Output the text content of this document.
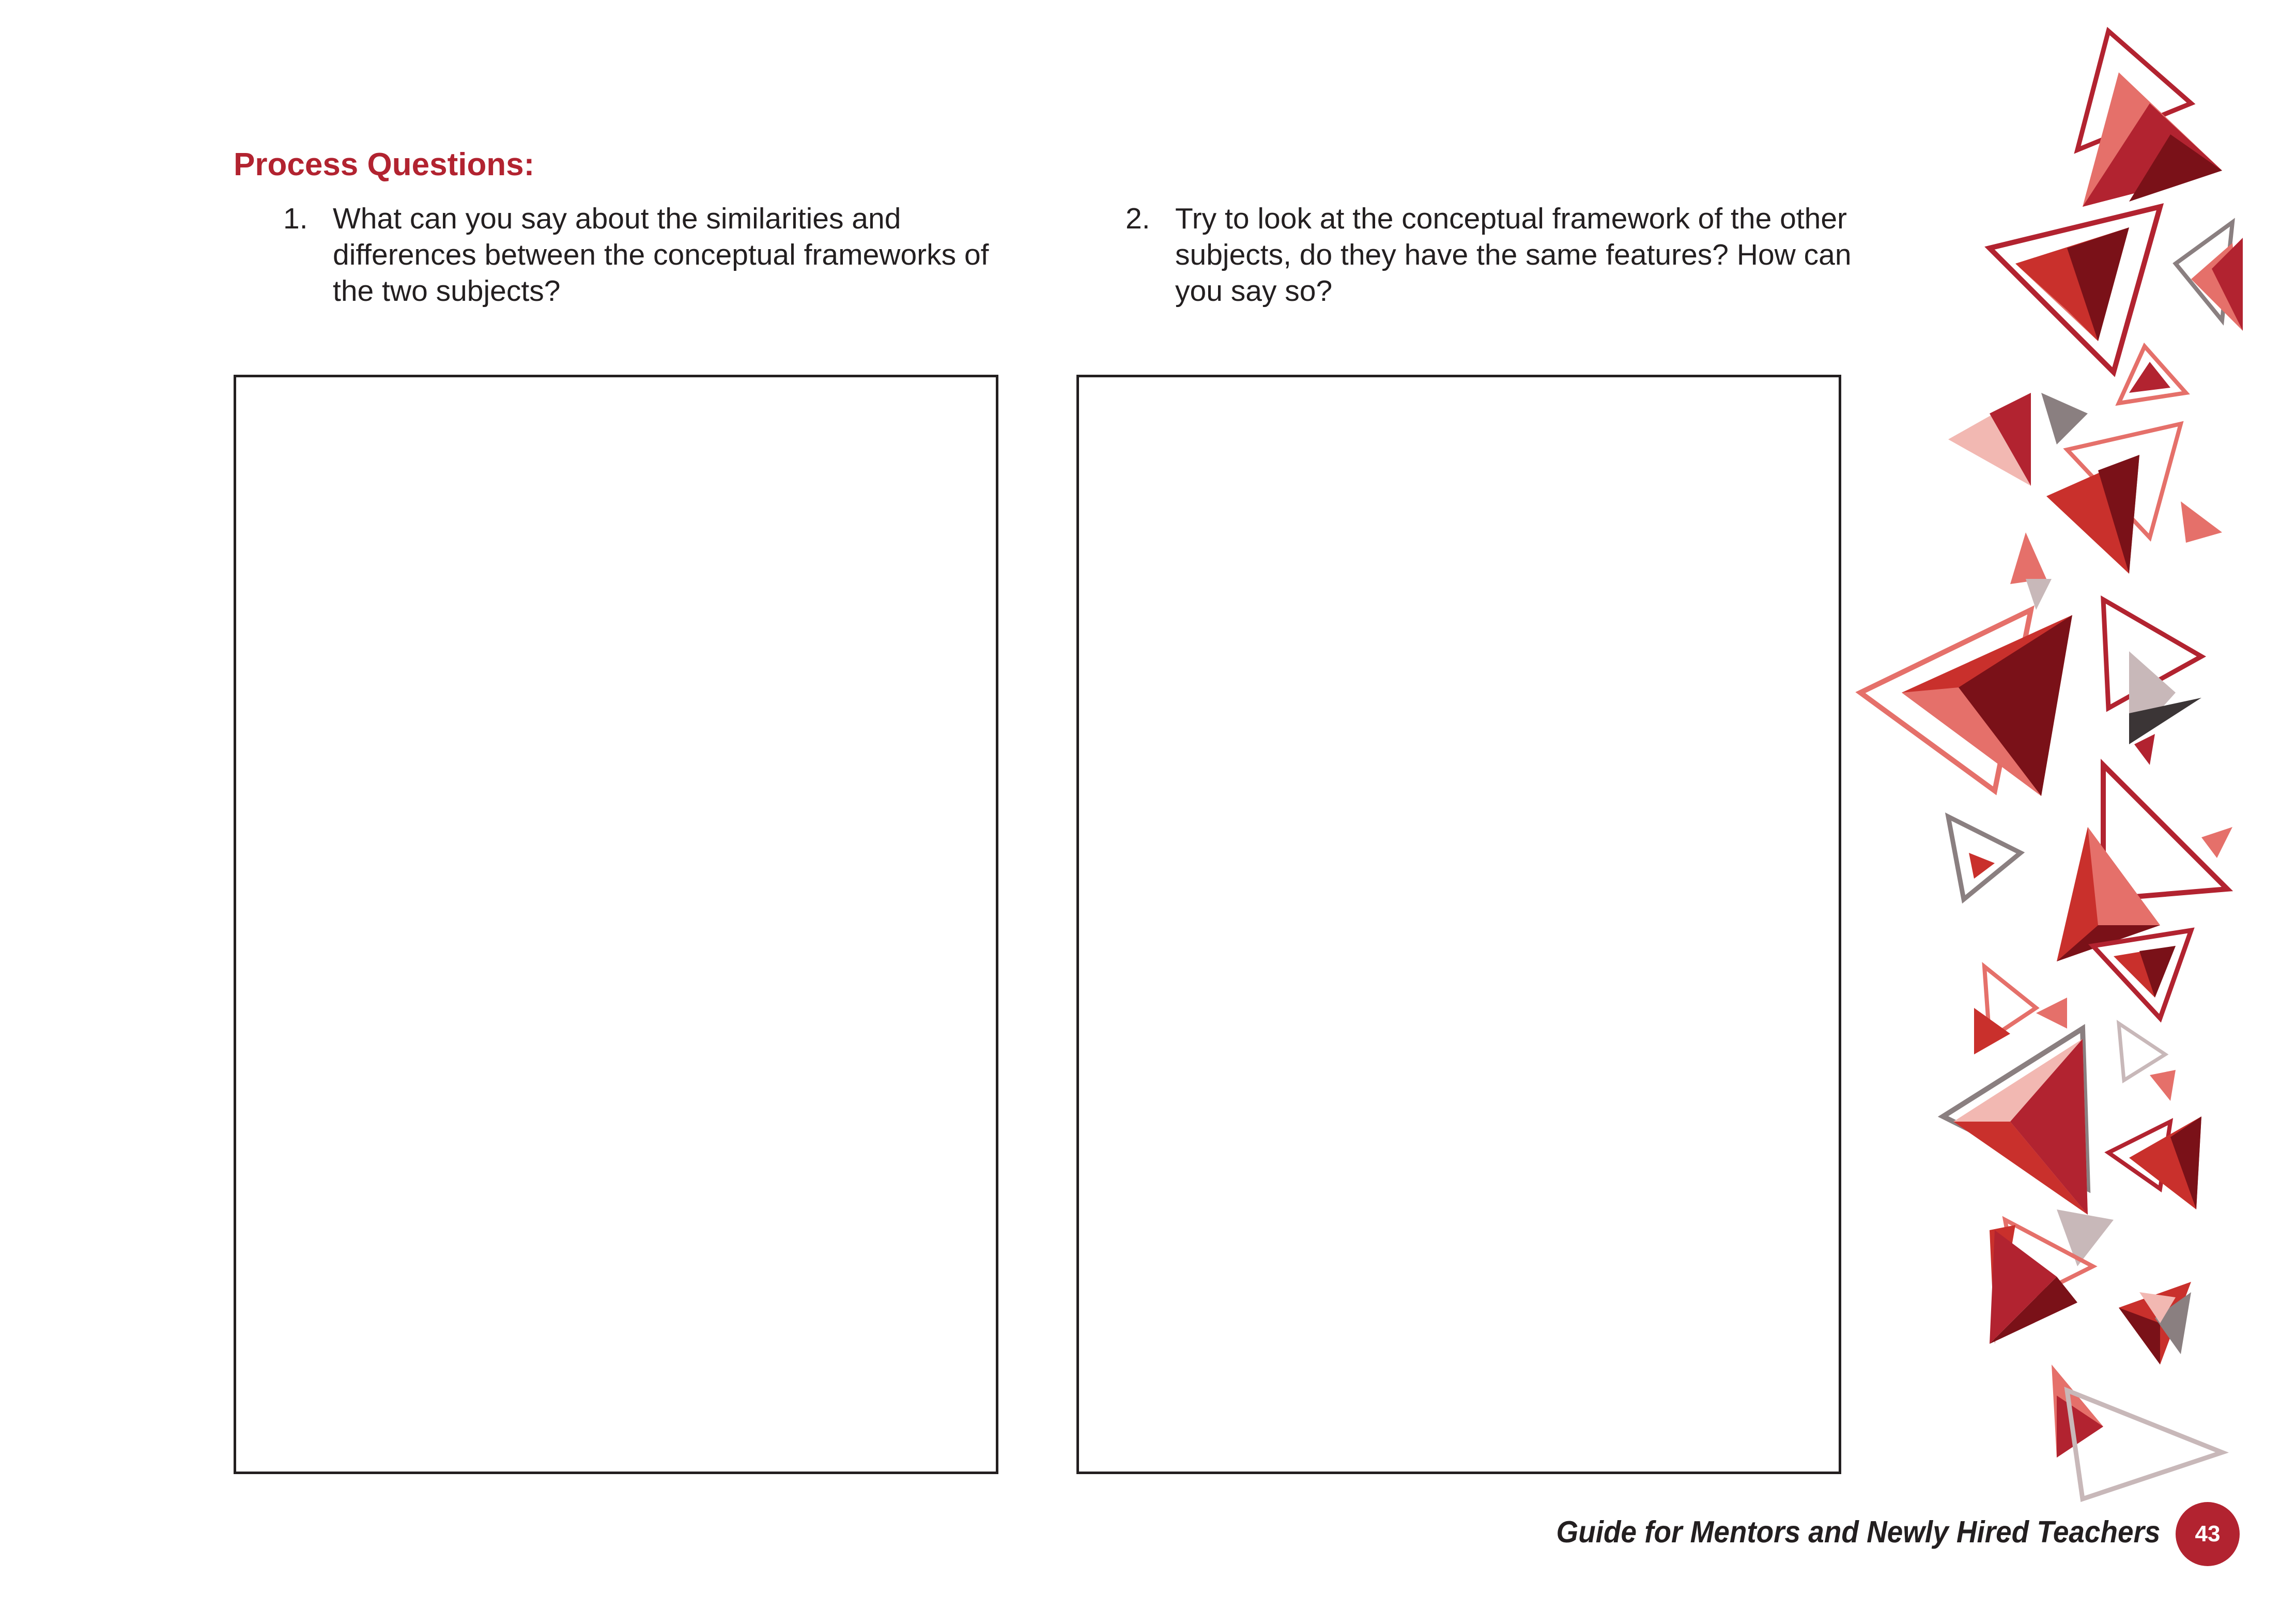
Process Questions:
1. What can you say about the similarities and differences between the conceptual frameworks of the two subjects?
2. Try to look at the conceptual framework of the other subjects, do they have the same features? How can you say so?
Guide for Mentors and Newly Hired Teachers	43
